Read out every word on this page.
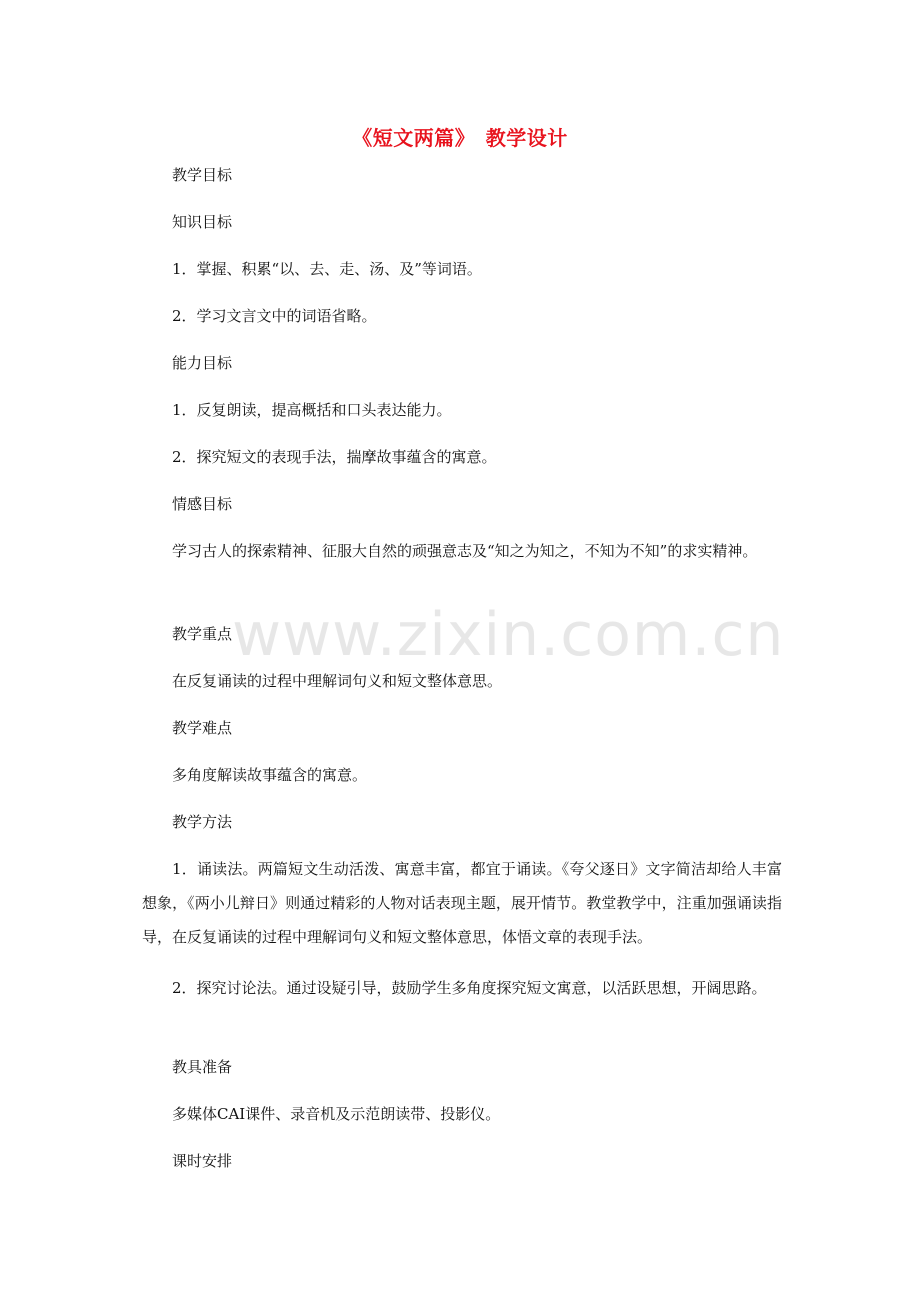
《短文两篇》　教学设计
教学目标
知识目标
1．掌握、积累“以、去、走、汤、及”等词语。
2．学习文言文中的词语省略。
能力目标
1．反复朗读，提高概括和口头表达能力。
2．探究短文的表现手法，揣摩故事蕴含的寓意。
情感目标
学习古人的探索精神、征服大自然的顽强意志及“知之为知之，不知为不知”的求实精神。
教学重点
在反复诵读的过程中理解词句义和短文整体意思。
教学难点
多角度解读故事蕴含的寓意。
教学方法
1．诵读法。两篇短文生动活泼、寓意丰富，都宜于诵读。《夸父逐日》文字简洁却给人丰富想象，《两小儿辩日》则通过精彩的人物对话表现主题，展开情节。教堂教学中，注重加强诵读指导，在反复诵读的过程中理解词句义和短文整体意思，体悟文章的表现手法。
2．探究讨论法。通过设疑引导，鼓励学生多角度探究短文寓意，以活跃思想，开阔思路。
教具准备
多媒体CAI课件、录音机及示范朗读带、投影仪。
课时安排
www.zixin.com.cn
